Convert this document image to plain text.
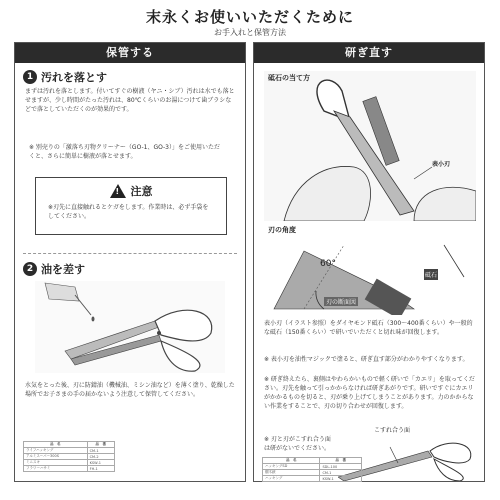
末永くお使いいただくために
お手入れと保管方法
保管する
1 汚れを落とす
まずは汚れを落とします。付いてすぐの樹液（ヤニ・シブ）汚れは水でも落とせますが、少し時間がたった汚れは、80℃くらいのお湯につけて歯ブラシなどで落としていただくのが効果的です。
※ 別売りの「激落ち刃物クリーナー（GO-1、GO-3）」をご使用いただくと、さらに簡単に樹液が落とせます。
! 注意
※刃先に直接触れるとケガをします。作業時は、必ず手袋をしてください。
2 油を差す
水気をとった後、刃に防錆油（機械油、ミシン油など）を薄く塗り、乾燥した場所でお子さまの手の届かないよう注意して保管してください。
品　名	品　番
ライフハッキング	CM-1
アルミスーパー300S	CM-2
ミニスキ	KSW-1
フラワーハサミ	FH-1
研ぎ直す
砥石の当て方
表小刃
刃の角度
60°
刃の断面図
砥石
表小刃（イラスト参照）をダイヤモンド砥石（300〜400番くらい）や一般的な砥石（150番くらい）で研いでいただくと切れ味が回復します。
※ 表小刃を油性マジックで塗ると、研ぎ直す部分がわかりやすくなります。
※ 研ぎ終えたら、裏側はやわらかいもので軽く研いで「カエリ」を取ってください。刃先を触って引っかからなければ研ぎあがりです。研いですぐにカエリがかかるものを切ると、刃が乗り上げてしまうことがあります。力のかからない作業をすることで、刃の切り合わせが回復します。
※ 刃と刃がこすれ合う面は研がないでください。
こすれ合う面
品　名	品　番
ハッキングSD	SDL-100
棚木鋏	CM-1
ハッキング	KSW-1
